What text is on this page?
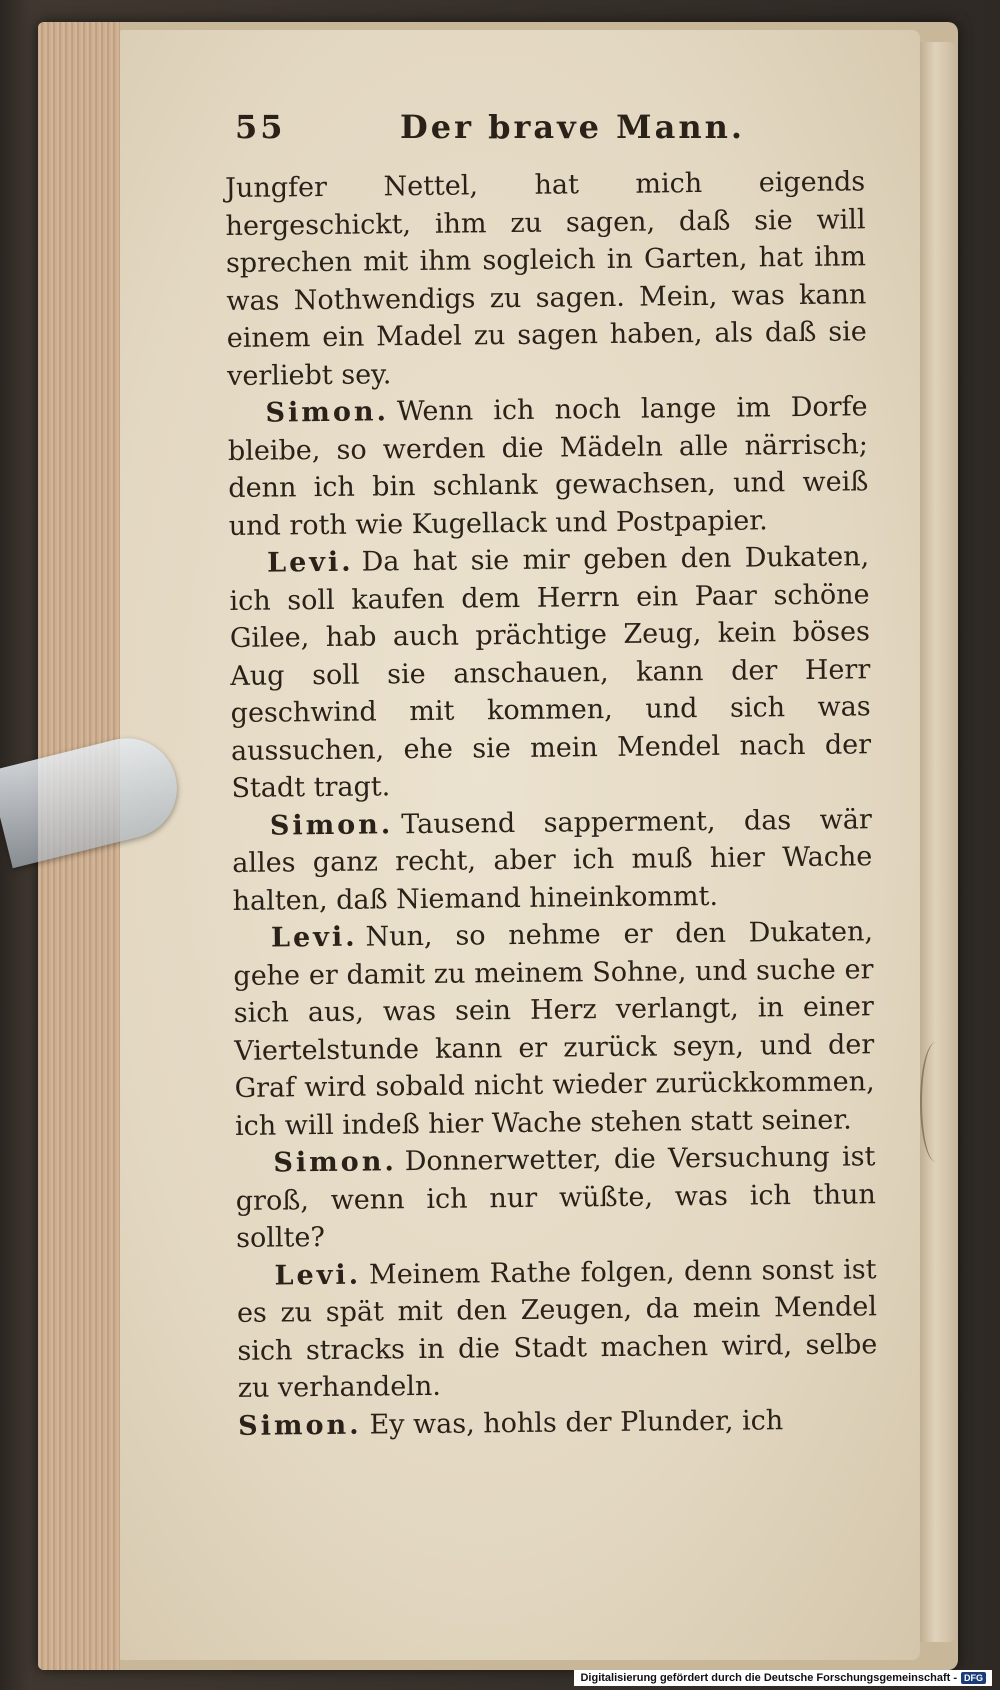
55	Der brave Mann.

Jungfer Nettel, hat mich eigends hergeschickt, ihm zu sagen, daß sie will sprechen mit ihm sogleich in Garten, hat ihm was Nothwendigs zu sagen. Mein, was kann einem ein Madel zu sagen haben, als daß sie verliebt sey.

Simon. Wenn ich noch lange im Dorfe bleibe, so werden die Mädeln alle närrisch; denn ich bin schlank gewachsen, und weiß und roth wie Kugellack und Postpapier.

Levi. Da hat sie mir geben den Dukaten, ich soll kaufen dem Herrn ein Paar schöne Gilee, hab auch prächtige Zeug, kein böses Aug soll sie anschauen, kann der Herr geschwind mit kommen, und sich was aussuchen, ehe sie mein Mendel nach der Stadt tragt.

Simon. Tausend sapperment, das wär alles ganz recht, aber ich muß hier Wache halten, daß Niemand hineinkommt.

Levi. Nun, so nehme er den Dukaten, gehe er damit zu meinem Sohne, und suche er sich aus, was sein Herz verlangt, in einer Viertelstunde kann er zurück seyn, und der Graf wird sobald nicht wieder zurückkommen, ich will indeß hier Wache stehen statt seiner.

Simon. Donnerwetter, die Versuchung ist groß, wenn ich nur wüßte, was ich thun sollte?

Levi. Meinem Rathe folgen, denn sonst ist es zu spät mit den Zeugen, da mein Mendel sich stracks in die Stadt machen wird, selbe zu verhandeln.

Simon. Ey was, hohls der Plunder, ich

Digitalisierung gefördert durch die Deutsche Forschungsgemeinschaft - DFG
